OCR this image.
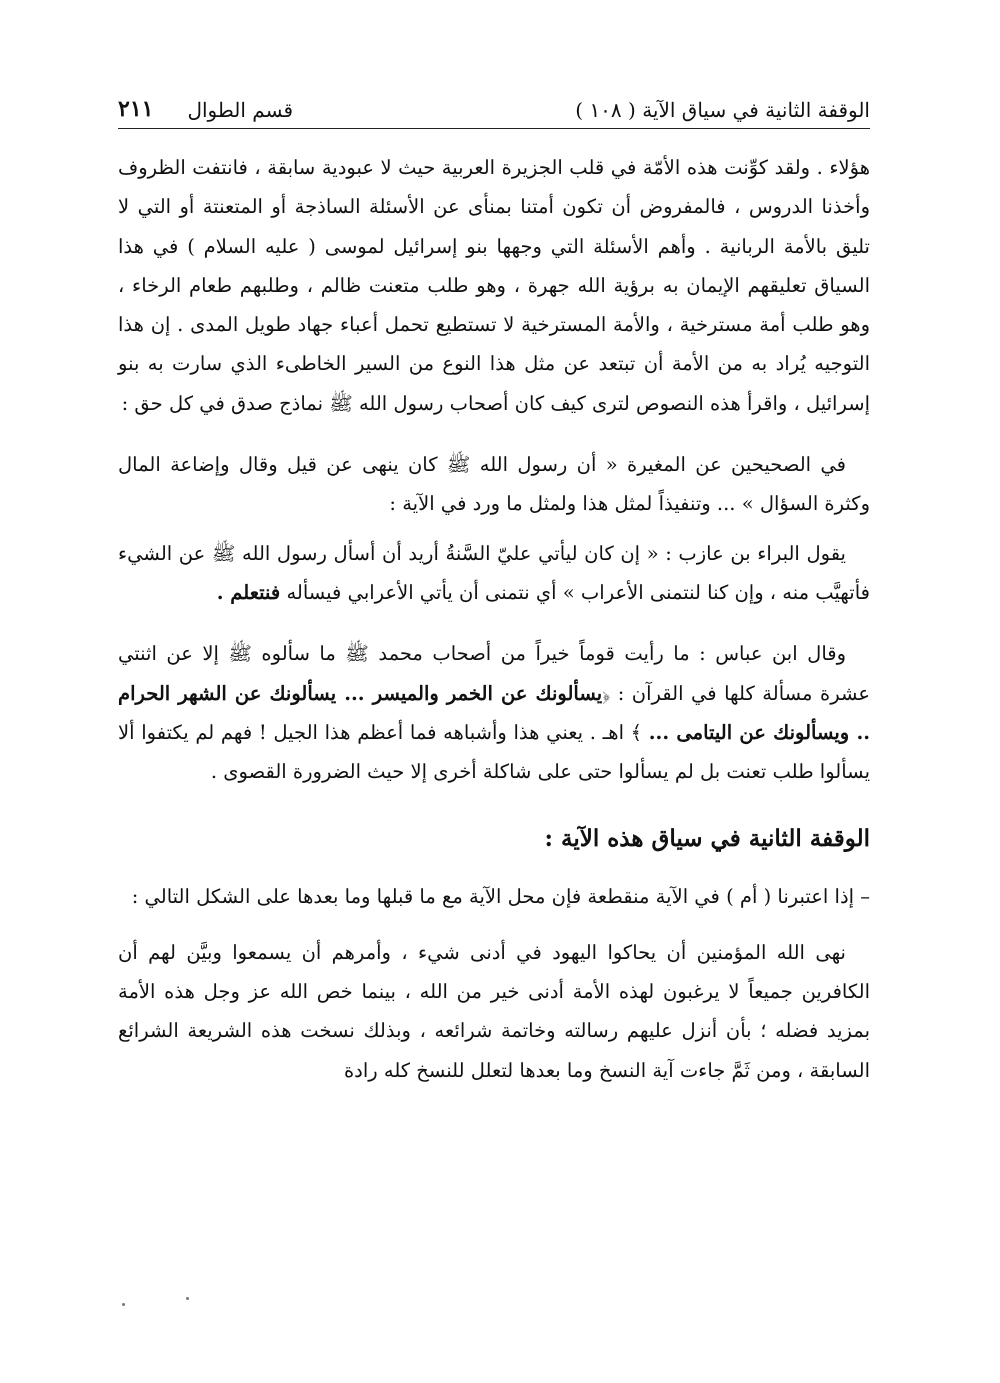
الوقفة الثانية في سياق الآية ( ١٠٨ )
قسم الطوال
٢١١

هؤلاء . ولقد كوِّنت هذه الأمّة في قلب الجزيرة العربية حيث لا عبودية سابقة ، فانتفت الظروف وأخذنا الدروس ، فالمفروض أن تكون أمتنا بمنأى عن الأسئلة الساذجة أو المتعنتة أو التي لا تليق بالأمة الربانية . وأهم الأسئلة التي وجهها بنو إسرائيل لموسى ( عليه السلام ) في هذا السياق تعليقهم الإيمان به برؤية الله جهرة ، وهو طلب متعنت ظالم ، وطلبهم طعام الرخاء ، وهو طلب أمة مسترخية ، والأمة المسترخية لا تستطيع تحمل أعباء جهاد طويل المدى . إن هذا التوجيه يُراد به من الأمة أن تبتعد عن مثل هذا النوع من السير الخاطىء الذي سارت به بنو إسرائيل ، واقرأ هذه النصوص لترى كيف كان أصحاب رسول الله ﷺ نماذج صدق في كل حق :

في الصحيحين عن المغيرة « أن رسول الله ﷺ كان ينهى عن قيل وقال وإضاعة المال وكثرة السؤال » ... وتنفيذاً لمثل هذا ولمثل ما ورد في الآية :

يقول البراء بن عازب : « إن كان ليأتي عليّ السَّنةُ أريد أن أسأل رسول الله ﷺ عن الشيء فأتهيَّب منه ، وإن كنا لنتمنى الأعراب » أي نتمنى أن يأتي الأعرابي فيسأله فنتعلم .

وقال ابن عباس : ما رأيت قوماً خيراً من أصحاب محمد ﷺ ما سألوه ﷺ إلا عن اثنتي عشرة مسألة كلها في القرآن : ﴿يسألونك عن الخمر والميسر ... يسألونك عن الشهر الحرام .. ويسألونك عن اليتامى ... ﴾ اهـ . يعني هذا وأشباهه فما أعظم هذا الجيل ! فهم لم يكتفوا ألا يسألوا طلب تعنت بل لم يسألوا حتى على شاكلة أخرى إلا حيث الضرورة القصوى .

الوقفة الثانية في سياق هذه الآية :

– إذا اعتبرنا ( أم ) في الآية منقطعة فإن محل الآية مع ما قبلها وما بعدها على الشكل التالي :

نهى الله المؤمنين أن يحاكوا اليهود في أدنى شيء ، وأمرهم أن يسمعوا وبيَّن لهم أن الكافرين جميعاً لا يرغبون لهذه الأمة أدنى خير من الله ، بينما خص الله عز وجل هذه الأمة بمزيد فضله ؛ بأن أنزل عليهم رسالته وخاتمة شرائعه ، وبذلك نسخت هذه الشريعة الشرائع السابقة ، ومن ثَمَّ جاءت آية النسخ وما بعدها لتعلل للنسخ كله رادة
